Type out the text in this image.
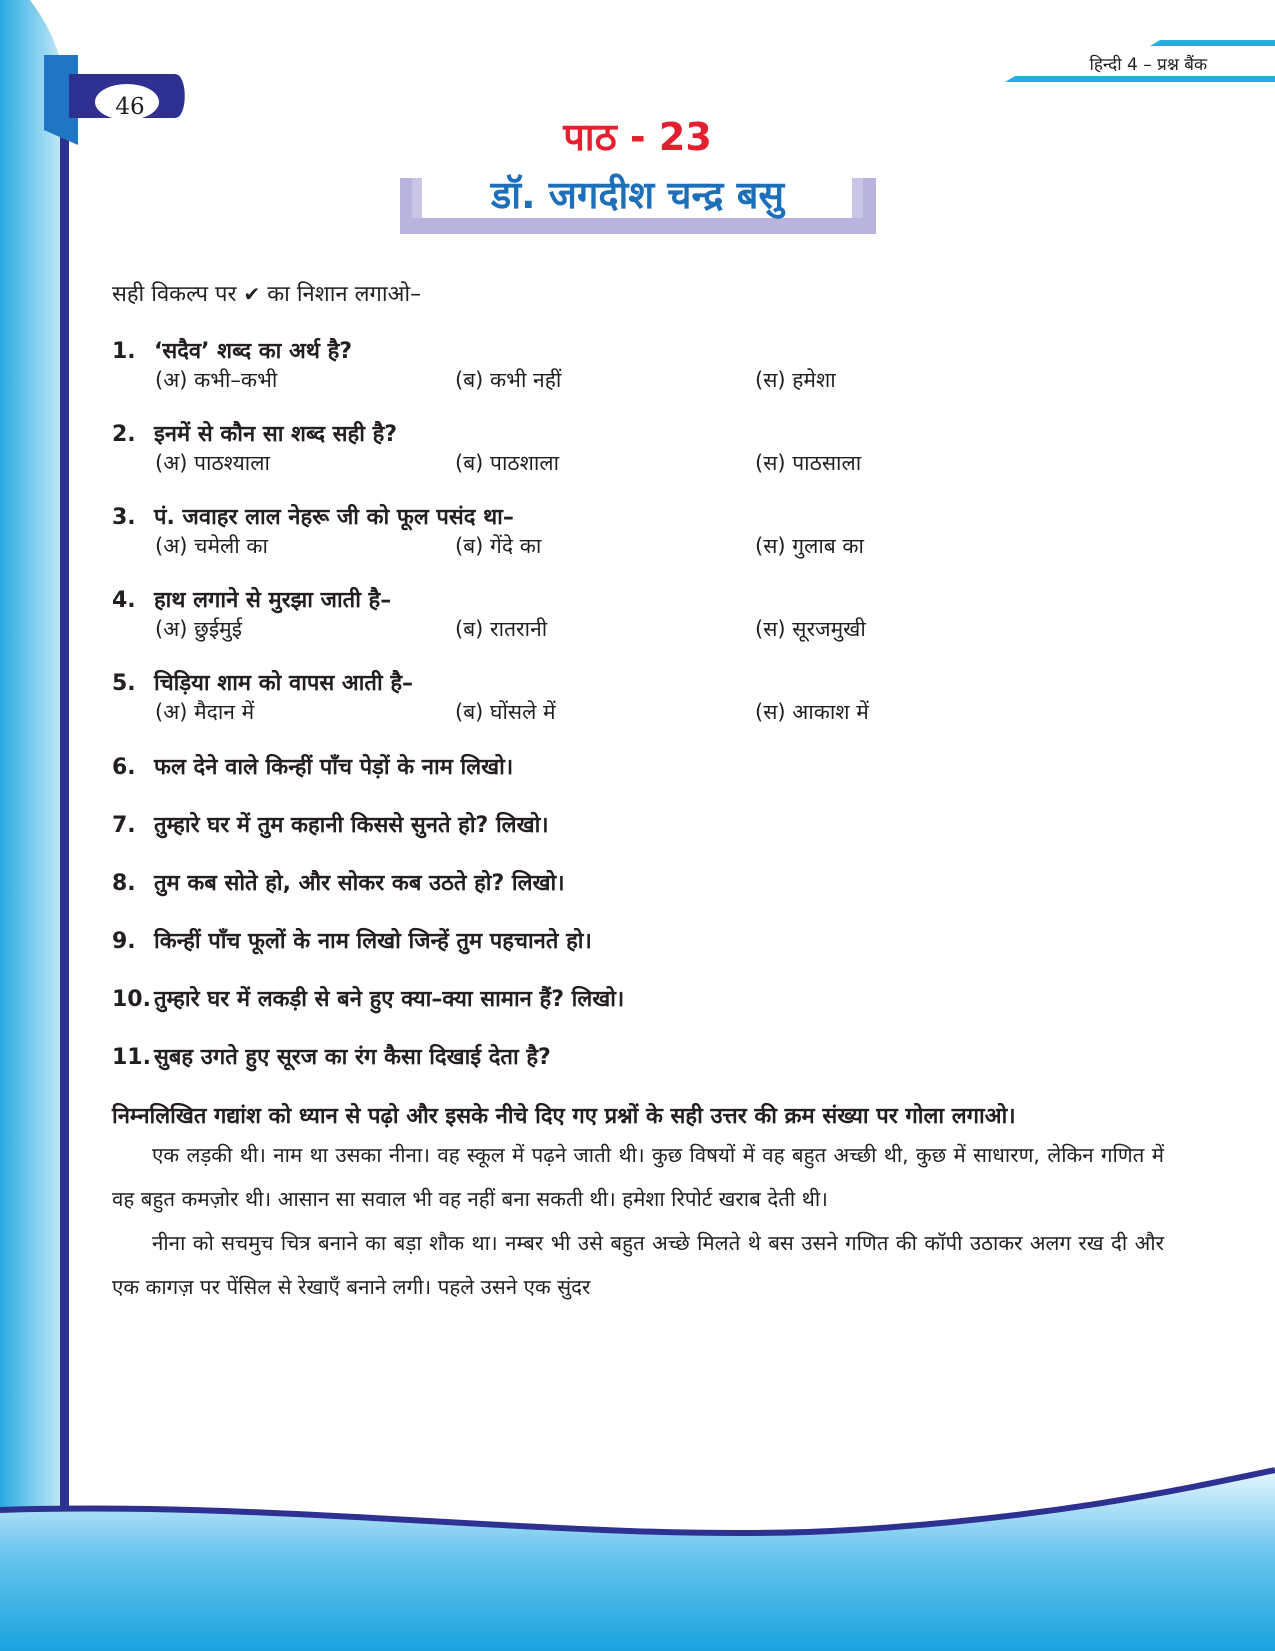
हिन्दी 4 – प्रश्न बैंक
46
पाठ - 23
डॉ. जगदीश चन्द्र बसु
सही विकल्प पर ✔ का निशान लगाओ–
1. ‘सदैव’ शब्द का अर्थ है?
(अ) कभी–कभी	(ब) कभी नहीं	(स) हमेशा
2. इनमें से कौन सा शब्द सही है?
(अ) पाठश्याला	(ब) पाठशाला	(स) पाठसाला
3. पं. जवाहर लाल नेहरू जी को फूल पसंद था–
(अ) चमेली का	(ब) गेंदे का	(स) गुलाब का
4. हाथ लगाने से मुरझा जाती है–
(अ) छुईमुई	(ब) रातरानी	(स) सूरजमुखी
5. चिड़िया शाम को वापस आती है–
(अ) मैदान में	(ब) घोंसले में	(स) आकाश में
6. फल देने वाले किन्हीं पाँच पेड़ों के नाम लिखो।
7. तुम्हारे घर में तुम कहानी किससे सुनते हो? लिखो।
8. तुम कब सोते हो, और सोकर कब उठते हो? लिखो।
9. किन्हीं पाँच फूलों के नाम लिखो जिन्हें तुम पहचानते हो।
10. तुम्हारे घर में लकड़ी से बने हुए क्या–क्या सामान हैं? लिखो।
11. सुबह उगते हुए सूरज का रंग कैसा दिखाई देता है?
निम्नलिखित गद्यांश को ध्यान से पढ़ो और इसके नीचे दिए गए प्रश्नों के सही उत्तर की क्रम संख्या पर गोला लगाओ।

एक लड़की थी। नाम था उसका नीना। वह स्कूल में पढ़ने जाती थी। कुछ विषयों में वह बहुत अच्छी थी, कुछ में साधारण, लेकिन गणित में वह बहुत कमज़ोर थी। आसान सा सवाल भी वह नहीं बना सकती थी। हमेशा रिपोर्ट खराब देती थी।

नीना को सचमुच चित्र बनाने का बड़ा शौक था। नम्बर भी उसे बहुत अच्छे मिलते थे बस उसने गणित की कॉपी उठाकर अलग रख दी और एक कागज़ पर पेंसिल से रेखाएँ बनाने लगी। पहले उसने एक सुंदर
